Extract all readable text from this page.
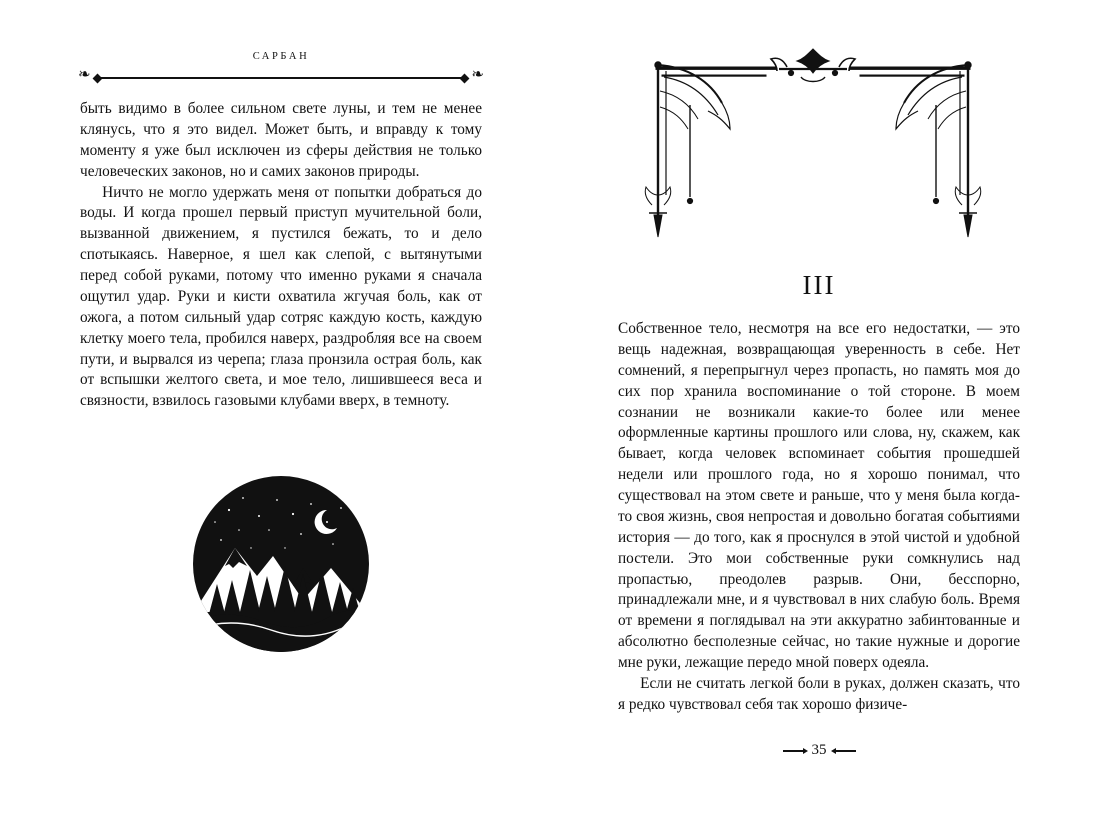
❧	❧
САРБАН

быть видимо в более сильном свете луны, и тем не менее клянусь, что я это видел. Может быть, и вправду к тому моменту я уже был исключен из сферы действия не только человеческих законов, но и самих законов природы.

Ничто не могло удержать меня от попытки добраться до воды. И когда прошел первый приступ мучительной боли, вызванной движением, я пустился бежать, то и дело спотыкаясь. Наверное, я шел как слепой, с вытянутыми перед собой руками, потому что именно руками я сначала ощутил удар. Руки и кисти охватила жгучая боль, как от ожога, а потом сильный удар сотряс каждую кость, каждую клетку моего тела, пробился наверх, раздробляя все на своем пути, и вырвался из черепа; глаза пронзила острая боль, как от вспышки желтого света, и мое тело, лишившееся веса и связности, взвилось газовыми клубами вверх, в темноту.

III

Собственное тело, несмотря на все его недостатки, — это вещь надежная, возвращающая уверенность в себе. Нет сомнений, я перепрыгнул через пропасть, но память моя до сих пор хранила воспоминание о той стороне. В моем сознании не возникали какие-то более или менее оформленные картины прошлого или слова, ну, скажем, как бывает, когда человек вспоминает события прошедшей недели или прошлого года, но я хорошо понимал, что существовал на этом свете и раньше, что у меня была когда-то своя жизнь, своя непростая и довольно богатая событиями история — до того, как я проснулся в этой чистой и удобной постели. Это мои собственные руки сомкнулись над пропастью, преодолев разрыв. Они, бесспорно, принадлежали мне, и я чувствовал в них слабую боль. Время от времени я поглядывал на эти аккуратно забинтованные и абсолютно бесполезные сейчас, но такие нужные и дорогие мне руки, лежащие передо мной поверх одеяла.

Если не считать легкой боли в руках, должен сказать, что я редко чувствовал себя так хорошо физиче-

35
